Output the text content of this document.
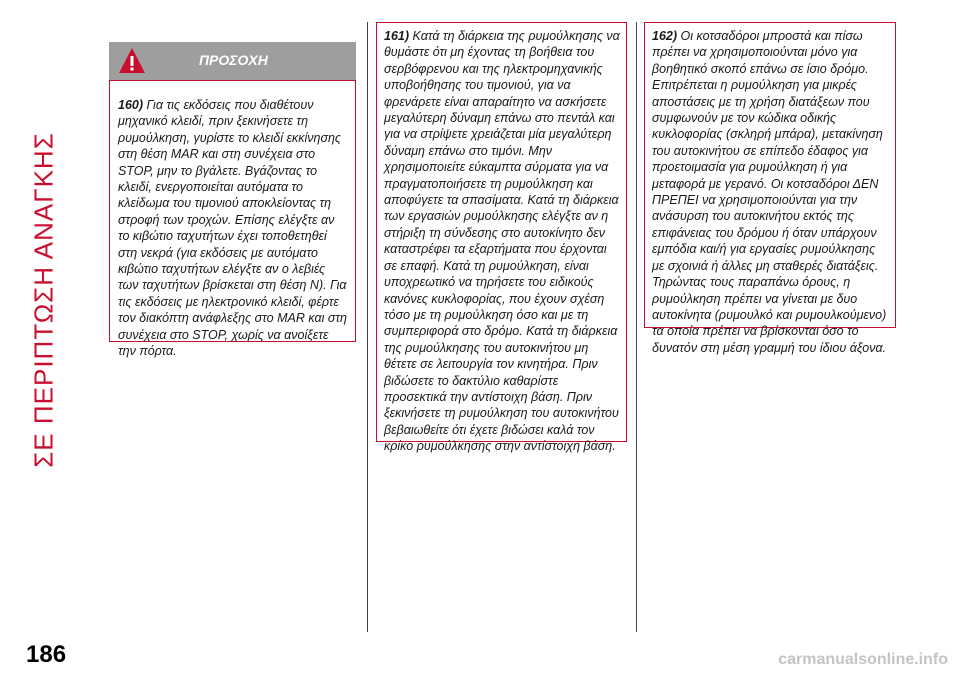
ΣΕ ΠΕΡΙΠΤΩΣΗ ΑΝΑΓΚΗΣ
ΠΡΟΣΟΧΗ

160) Για τις εκδόσεις που διαθέτουν μηχανικό κλειδί, πριν ξεκινήσετε τη ρυμούλκηση, γυρίστε το κλειδί εκκίνησης στη θέση MAR και στη συνέχεια στο STOP, μην το βγάλετε. Βγάζοντας το κλειδί, ενεργοποιείται αυτόματα το κλείδωμα του τιμονιού αποκλείοντας τη στροφή των τροχών. Επίσης ελέγξτε αν το κιβώτιο ταχυτήτων έχει τοποθετηθεί στη νεκρά (για εκδόσεις με αυτόματο κιβώτιο ταχυτήτων ελέγξτε αν ο λεβιές των ταχυτήτων βρίσκεται στη θέση N). Για τις εκδόσεις με ηλεκτρονικό κλειδί, φέρτε τον διακόπτη ανάφλεξης στο MAR και στη συνέχεια στο STOP, χωρίς να ανοίξετε την πόρτα.

161) Κατά τη διάρκεια της ρυμούλκησης να θυμάστε ότι μη έχοντας τη βοήθεια του σερβόφρενου και της ηλεκτρομηχανικής υποβοήθησης του τιμονιού, για να φρενάρετε είναι απαραίτητο να ασκήσετε μεγαλύτερη δύναμη επάνω στο πεντάλ και για να στρίψετε χρειάζεται μία μεγαλύτερη δύναμη επάνω στο τιμόνι. Μην χρησιμοποιείτε εύκαμπτα σύρματα για να πραγματοποιήσετε τη ρυμούλκηση και αποφύγετε τα σπασίματα. Κατά τη διάρκεια των εργασιών ρυμούλκησης ελέγξτε αν η στήριξη τη σύνδεσης στο αυτοκίνητο δεν καταστρέφει τα εξαρτήματα που έρχονται σε επαφή. Κατά τη ρυμούλκηση, είναι υποχρεωτικό να τηρήσετε του ειδικούς κανόνες κυκλοφορίας, που έχουν σχέση τόσο με τη ρυμούλκηση όσο και με τη συμπεριφορά στο δρόμο. Κατά τη διάρκεια της ρυμούλκησης του αυτοκινήτου μη θέτετε σε λειτουργία τον κινητήρα. Πριν βιδώσετε το δακτύλιο καθαρίστε προσεκτικά την αντίστοιχη βάση. Πριν ξεκινήσετε τη ρυμούλκηση του αυτοκινήτου βεβαιωθείτε ότι έχετε βιδώσει καλά τον κρίκο ρυμούλκησης στην αντίστοιχη βάση.

162) Οι κοτσαδόροι μπροστά και πίσω πρέπει να χρησιμοποιούνται μόνο για βοηθητικό σκοπό επάνω σε ίσιο δρόμο. Επιτρέπεται η ρυμούλκηση για μικρές αποστάσεις με τη χρήση διατάξεων που συμφωνούν με τον κώδικα οδικής κυκλοφορίας (σκληρή μπάρα), μετακίνηση του αυτοκινήτου σε επίπεδο έδαφος για προετοιμασία για ρυμούλκηση ή για μεταφορά με γερανό. Οι κοτσαδόροι ΔΕΝ ΠΡΕΠΕΙ να χρησιμοποιούνται για την ανάσυρση του αυτοκινήτου εκτός της επιφάνειας του δρόμου ή όταν υπάρχουν εμπόδια και/ή για εργασίες ρυμούλκησης με σχοινιά ή άλλες μη σταθερές διατάξεις. Τηρώντας τους παραπάνω όρους, η ρυμούλκηση πρέπει να γίνεται με δυο αυτοκίνητα (ρυμουλκό και ρυμουλκούμενο) τα οποία πρέπει να βρίσκονται όσο το δυνατόν στη μέση γραμμή του ίδιου άξονα.

186	carmanualsonline.info
